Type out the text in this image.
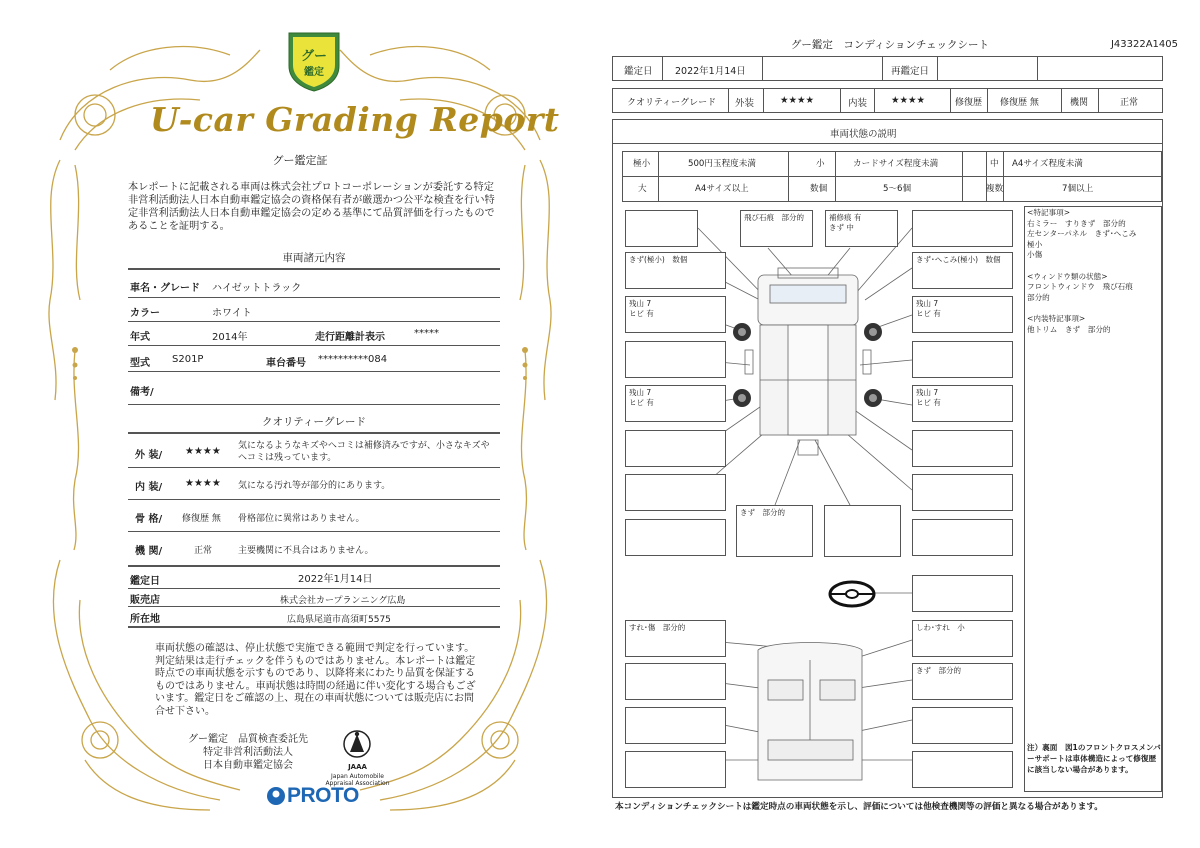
グー
鑑定
U-car Grading Report
グー鑑定証
本レポートに記載される車両は株式会社プロトコーポレーションが委託する特定非営利活動法人日本自動車鑑定協会の資格保有者が厳選かつ公平な検査を行い特定非営利活動法人日本自動車鑑定協会の定める基準にて品質評価を行ったものであることを証明する。
車両諸元内容
車名・グレード ハイゼットトラック
カラー	ホワイト
年式	2014年	走行距離計表示	*****
型式 S201P	車台番号 **********084
備考/
クオリティーグレード
外 装/ ★★★★ 気になるようなキズやヘコミは補修済みですが、小さなキズやヘコミは残っています。
内 装/ ★★★★ 気になる汚れ等が部分的にあります。
骨 格/ 修復歴 無 骨格部位に異常はありません。
機 関/	正常	主要機関に不具合はありません。
鑑定日	2022年1月14日
販売店	株式会社カープランニング広島
所在地	広島県尾道市高須町5575
車両状態の確認は、停止状態で実施できる範囲で判定を行っています。判定結果は走行チェックを伴うものではありません。本レポートは鑑定時点での車両状態を示すものであり、以降将来にわたり品質を保証するものではありません。車両状態は時間の経過に伴い変化する場合もございます。鑑定日をご確認の上、現在の車両状態については販売店にお問合せ下さい。
グー鑑定　品質検査委託先
特定非営利活動法人
日本自動車鑑定協会	JAAA
Japan Automobile Appraisal Association
PROTO
グー鑑定　コンディションチェックシート	J43322A1405
鑑定日 2022年1月14日	再鑑定日
クオリティーグレード 外装	★★★★	内装	★★★★	修復歴 修復歴 無	機関	正常
車両状態の説明
極小	500円玉程度未満	小	カードサイズ程度未満	中 A4サイズ程度未満
大	A4サイズ以上	数個	5～6個	複数	7個以上
飛び石痕　部分的	補修痕 有
きず 中
きず(極小)　数個	きず･へこみ(極小)　数個
残山 7
ヒビ 有
残山 7
ヒビ 有
残山 7
ヒビ 有
残山 7
ヒビ 有
きず　部分的
すれ･傷　部分的	しわ･すれ　小
きず　部分的
<特記事項>
右ミラー　すりきず　部分的
左センターパネル　きず･へこみ
極小
小傷

<ウィンドウ類の状態>
フロントウィンドウ　飛び石痕
部分的

<内装特記事項>
他トリム　きず　部分的
注）裏面　図1のフロントクロスメンバーサポートは車体構造によって修復歴に該当しない場合があります。
本コンディションチェックシートは鑑定時点の車両状態を示し、評価については他検査機関等の評価と異なる場合があります。
